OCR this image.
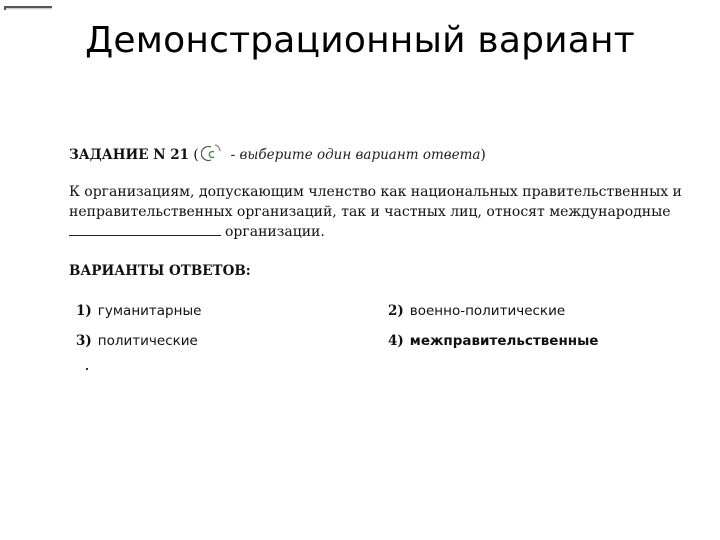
Демонстрационный вариант
ЗАДАНИЕ N 21 ( - выберите один вариант ответа)
К организациям, допускающим членство как национальных правительственных и
неправительственных организаций, так и частных лиц, относят международные
организации.
ВАРИАНТЫ ОТВЕТОВ:
1) гуманитарные	2) военно-политические
3) политические	4) межправительственные
